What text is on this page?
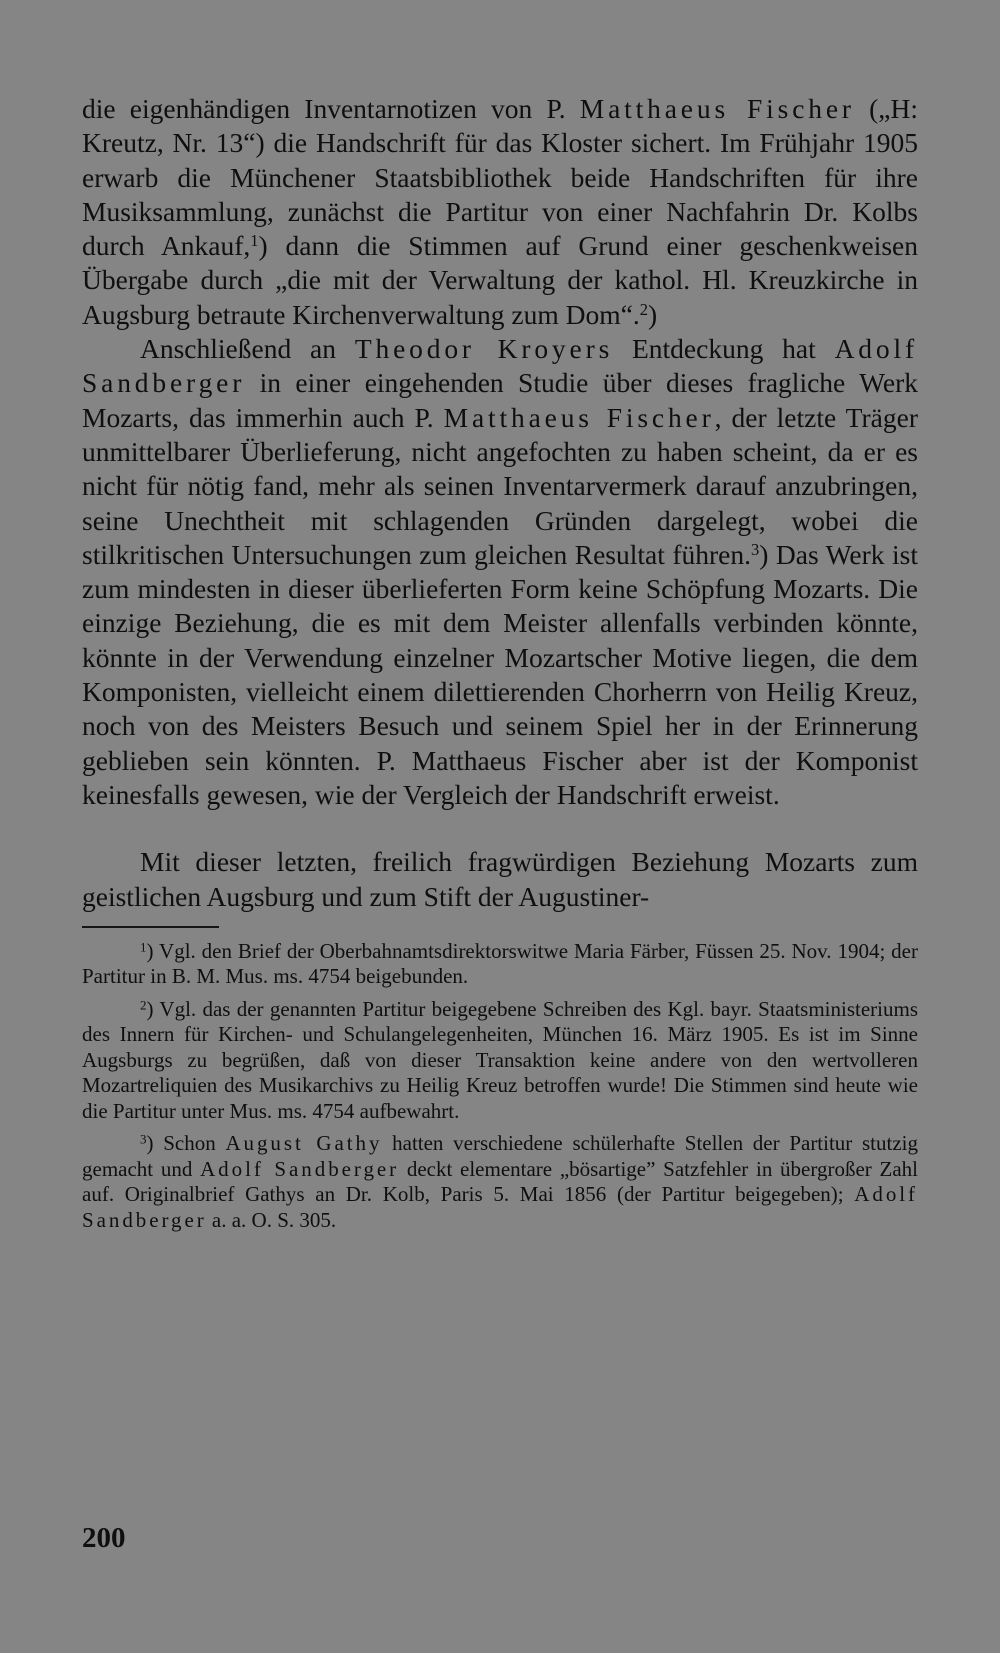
die eigenhändigen Inventarnotizen von P. Matthaeus Fischer („H: Kreutz, Nr. 13“) die Handschrift für das Kloster sichert. Im Frühjahr 1905 erwarb die Münchener Staatsbibliothek beide Handschriften für ihre Musiksammlung, zunächst die Partitur von einer Nachfahrin Dr. Kolbs durch Ankauf,$^1$) dann die Stimmen auf Grund einer geschenkweisen Übergabe durch „die mit der Verwaltung der kathol. Hl. Kreuzkirche in Augsburg betraute Kirchenverwaltung zum Dom“.$^2$)

Anschließend an Theodor Kroyers Entdeckung hat Adolf Sandberger in einer eingehenden Studie über dieses fragliche Werk Mozarts, das immerhin auch P. Matthaeus Fischer, der letzte Träger unmittelbarer Überlieferung, nicht angefochten zu haben scheint, da er es nicht für nötig fand, mehr als seinen Inventarvermerk darauf anzubringen, seine Unechtheit mit schlagenden Gründen dargelegt, wobei die stilkritischen Untersuchungen zum gleichen Resultat führen.$^3$) Das Werk ist zum mindesten in dieser überlieferten Form keine Schöpfung Mozarts. Die einzige Beziehung, die es mit dem Meister allenfalls verbinden könnte, könnte in der Verwendung einzelner Mozartscher Motive liegen, die dem Komponisten, vielleicht einem dilettierenden Chorherrn von Heilig Kreuz, noch von des Meisters Besuch und seinem Spiel her in der Erinnerung geblieben sein könnten. P. Matthaeus Fischer aber ist der Komponist keinesfalls gewesen, wie der Vergleich der Handschrift erweist.

Mit dieser letzten, freilich fragwürdigen Beziehung Mozarts zum geistlichen Augsburg und zum Stift der Augustiner-

$^1$) Vgl. den Brief der Oberbahnamtsdirektorswitwe Maria Färber, Füssen 25. Nov. 1904; der Partitur in B. M. Mus. ms. 4754 beigebunden.

$^2$) Vgl. das der genannten Partitur beigegebene Schreiben des Kgl. bayr. Staatsministeriums des Innern für Kirchen- und Schulangelegenheiten, München 16. März 1905. Es ist im Sinne Augsburgs zu begrüßen, daß von dieser Transaktion keine andere von den wertvolleren Mozartreliquien des Musikarchivs zu Heilig Kreuz betroffen wurde! Die Stimmen sind heute wie die Partitur unter Mus. ms. 4754 aufbewahrt.

$^3$) Schon August Gathy hatten verschiedene schülerhafte Stellen der Partitur stutzig gemacht und Adolf Sandberger deckt elementare „bösartige” Satzfehler in übergroßer Zahl auf. Originalbrief Gathys an Dr. Kolb, Paris 5. Mai 1856 (der Partitur beigegeben); Adolf Sandberger a. a. O. S. 305.

200
